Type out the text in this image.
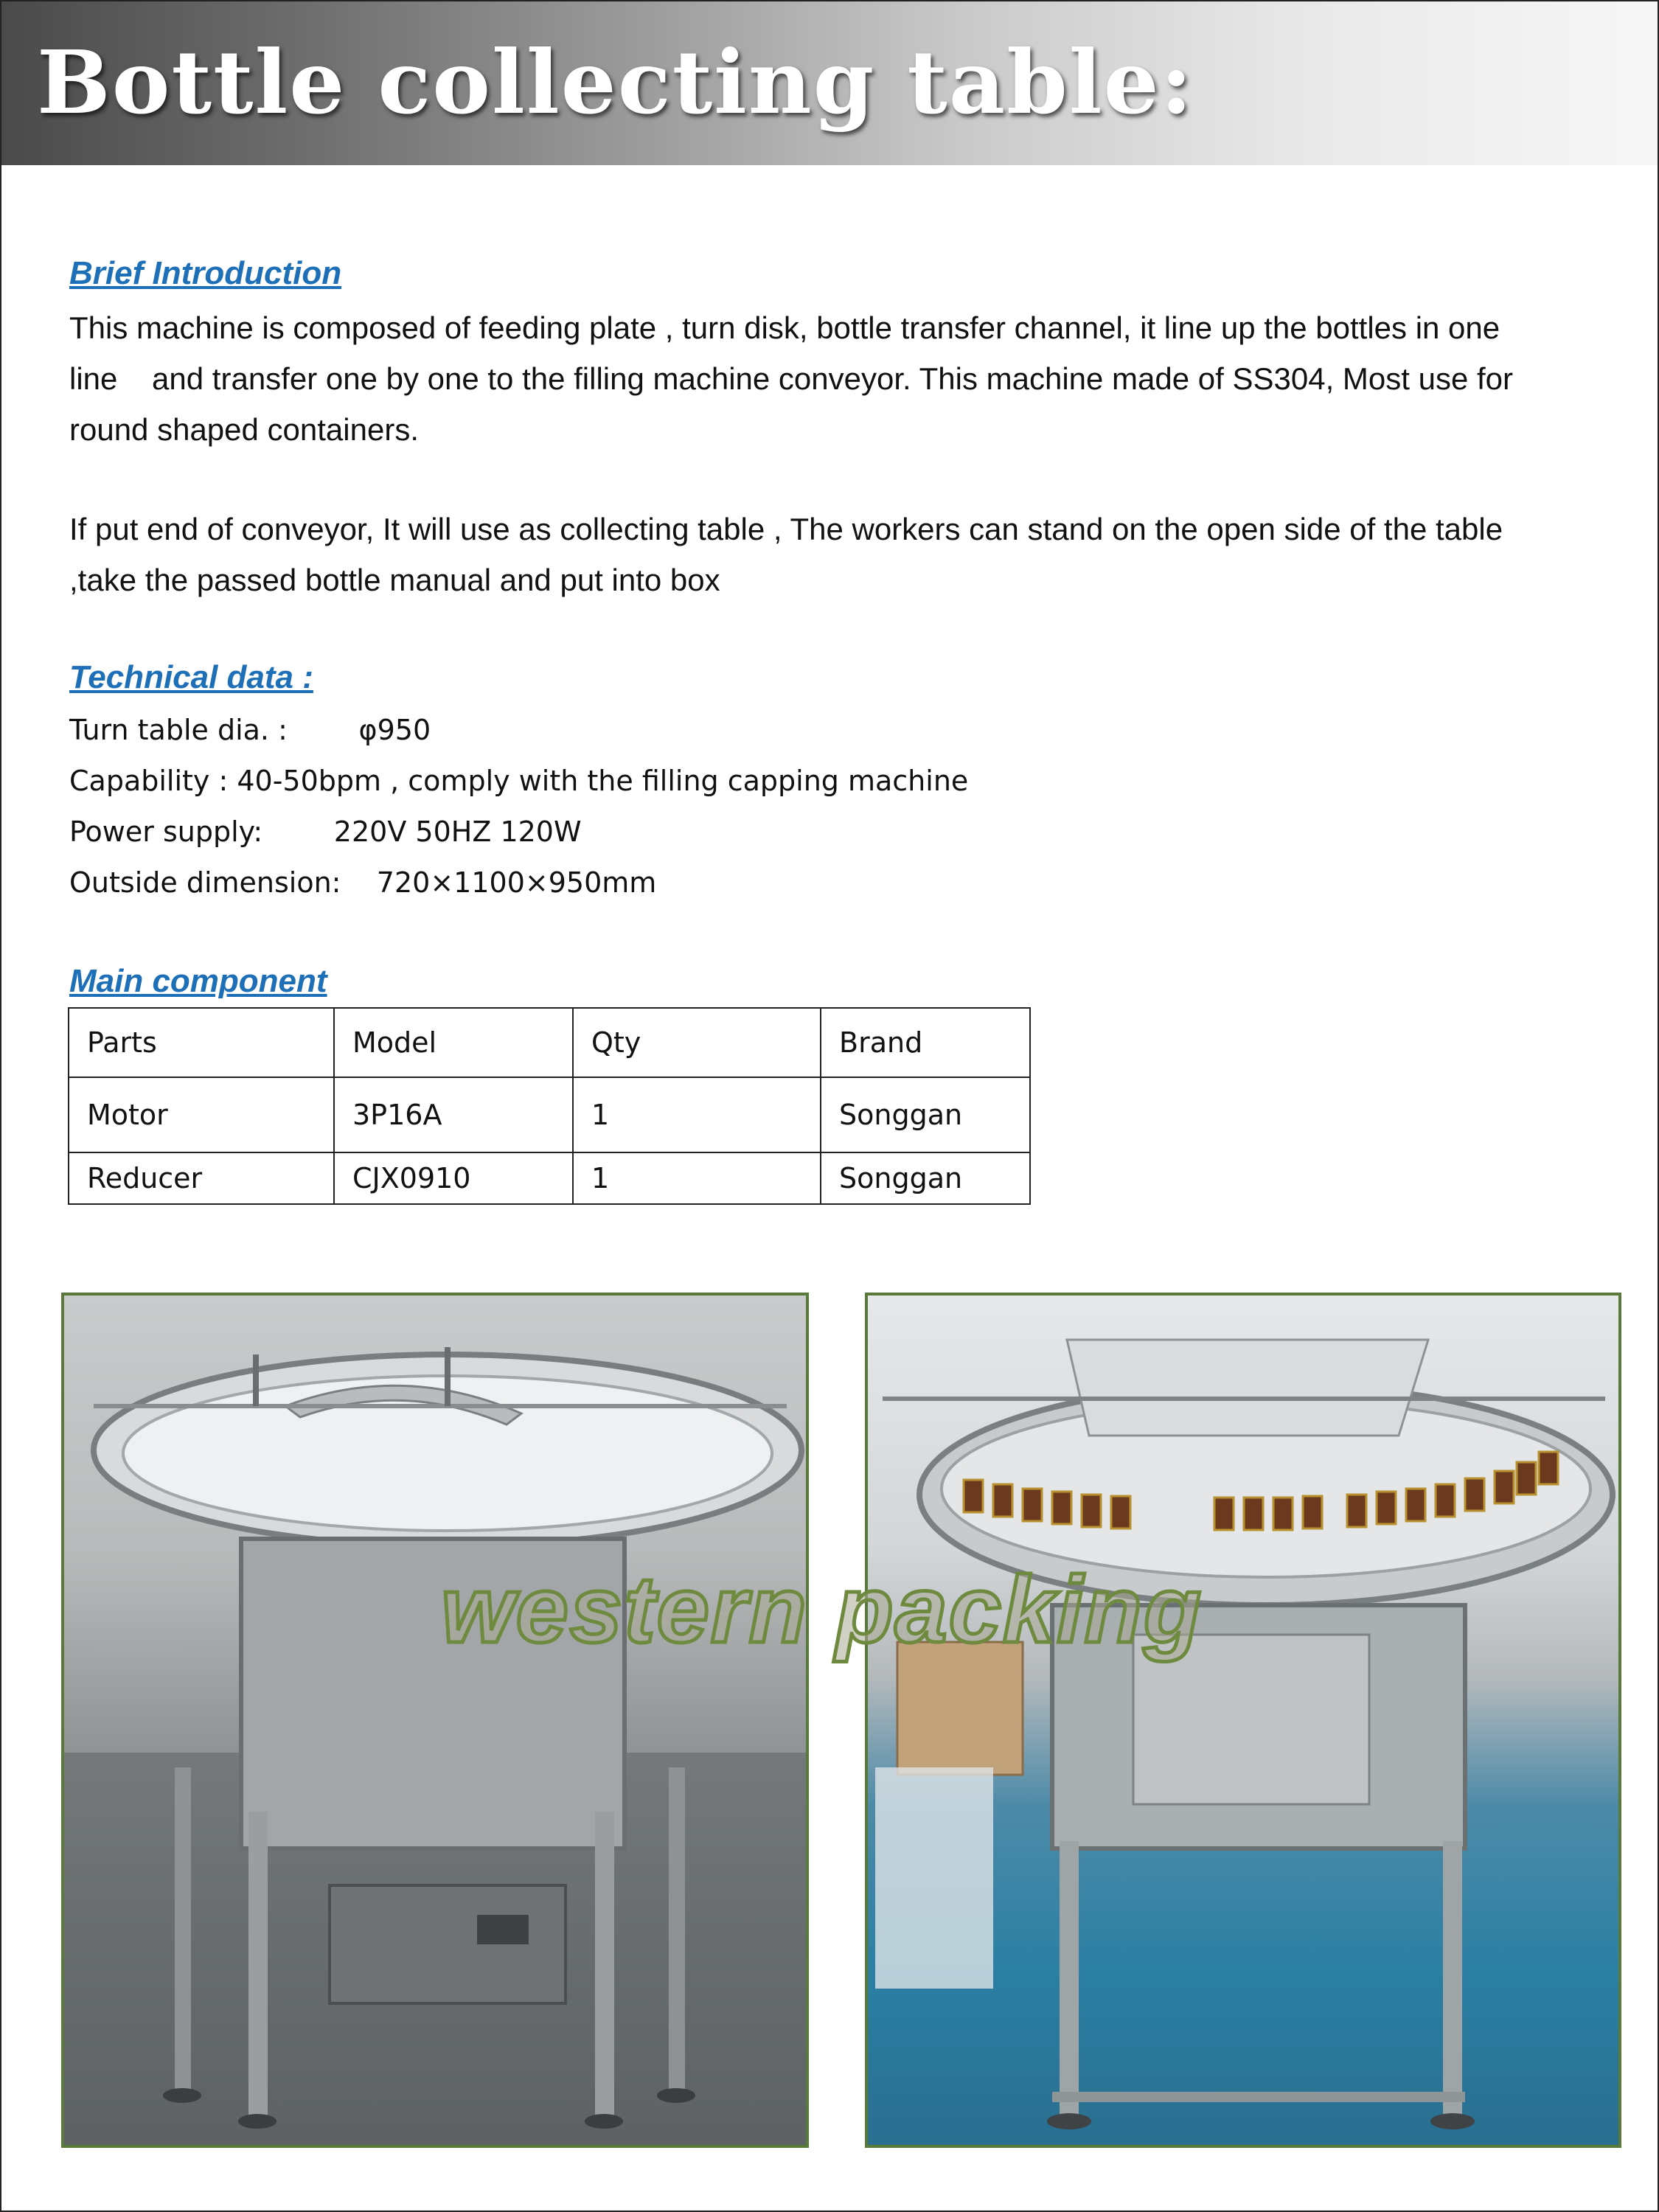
Bottle collecting table:
Brief Introduction
This machine is composed of feeding plate , turn disk, bottle transfer channel, it line up the bottles in one line    and transfer one by one to the filling machine conveyor. This machine made of SS304, Most use for round shaped containers.
If put end of conveyor, It will use as collecting table , The workers can stand on the open side of the table ,take the passed bottle manual and put into box
Technical data :
Turn table dia. :        φ950
Capability : 40-50bpm , comply with the filling capping machine
Power supply:        220V 50HZ 120W
Outside dimension:    720×1100×950mm
Main component
Parts	Model	Qty	Brand
Motor	3P16A	1	Songgan
Reducer	CJX0910	1	Songgan
western packing
